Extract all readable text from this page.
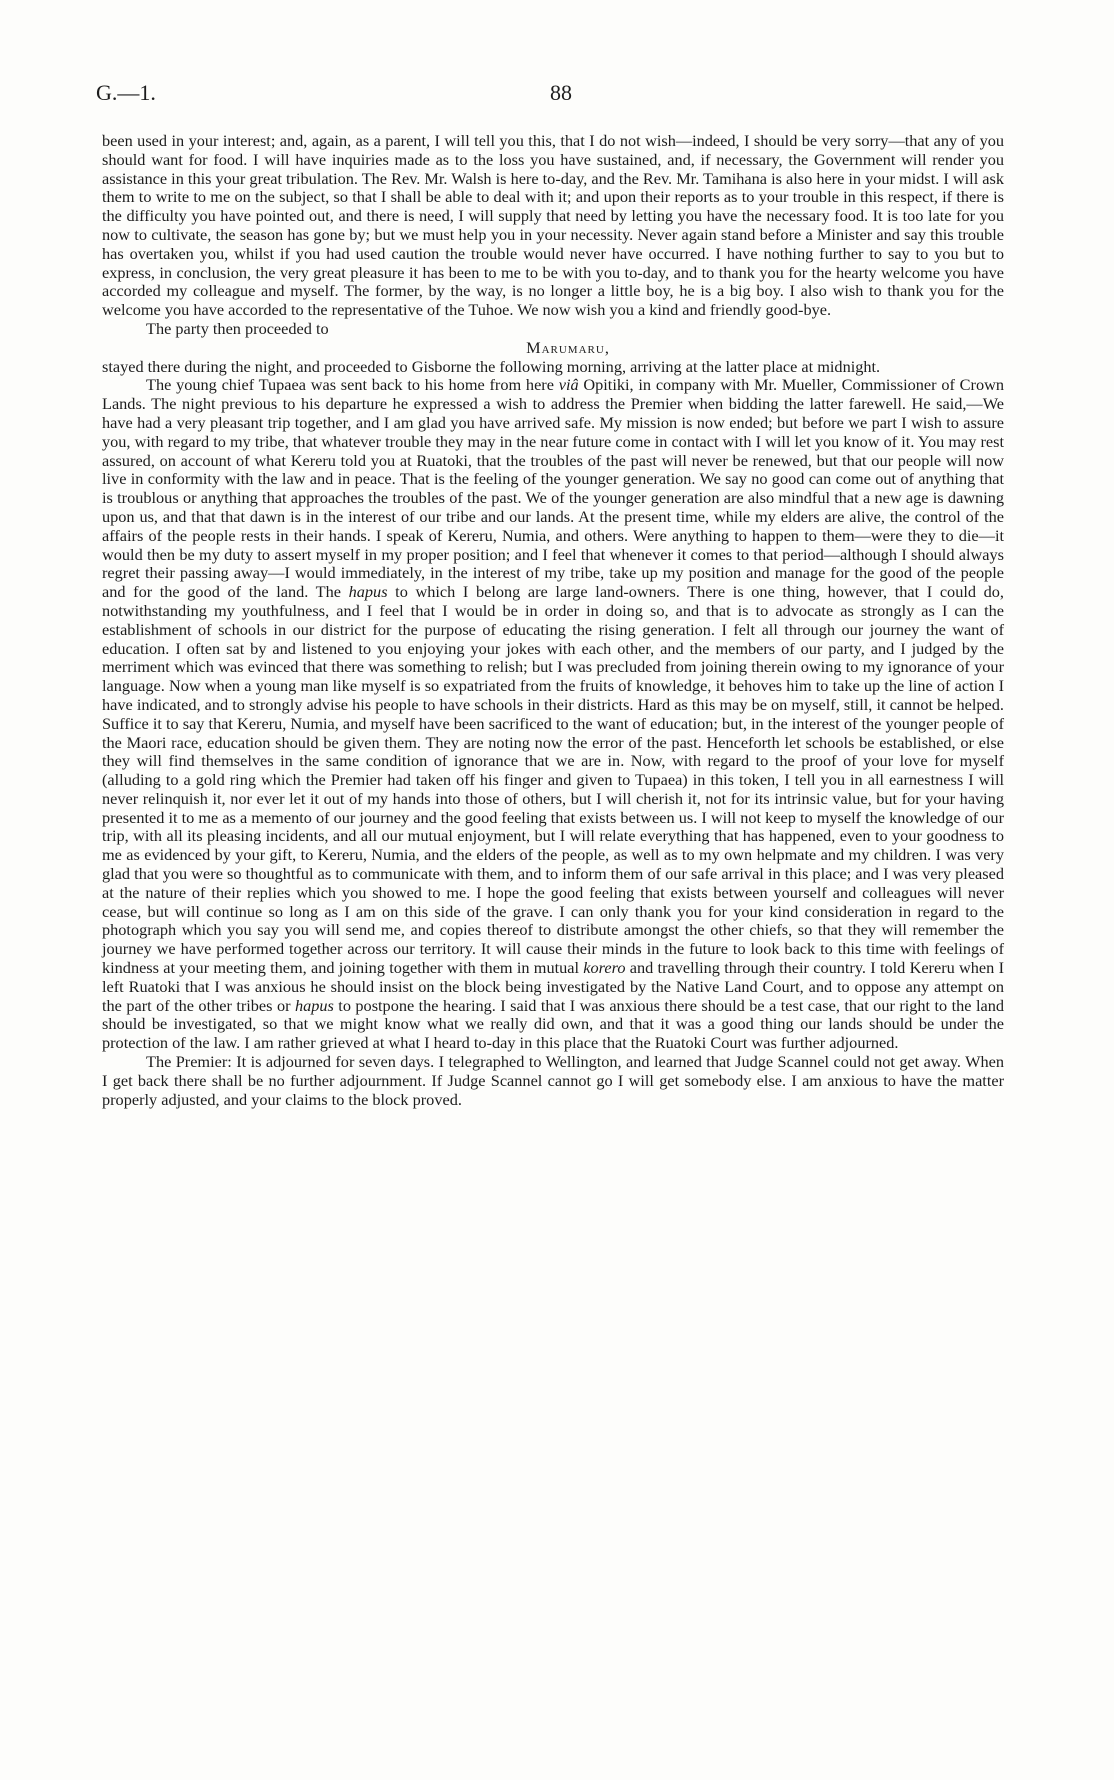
G.—1.	88

been used in your interest; and, again, as a parent, I will tell you this, that I do not wish—indeed, I should be very sorry—that any of you should want for food. I will have inquiries made as to the loss you have sustained, and, if necessary, the Government will render you assistance in this your great tribulation. The Rev. Mr. Walsh is here to-day, and the Rev. Mr. Tamihana is also here in your midst. I will ask them to write to me on the subject, so that I shall be able to deal with it; and upon their reports as to your trouble in this respect, if there is the difficulty you have pointed out, and there is need, I will supply that need by letting you have the necessary food. It is too late for you now to cultivate, the season has gone by; but we must help you in your necessity. Never again stand before a Minister and say this trouble has overtaken you, whilst if you had used caution the trouble would never have occurred. I have nothing further to say to you but to express, in conclusion, the very great pleasure it has been to me to be with you to-day, and to thank you for the hearty welcome you have accorded my colleague and myself. The former, by the way, is no longer a little boy, he is a big boy. I also wish to thank you for the welcome you have accorded to the representative of the Tuhoe. We now wish you a kind and friendly good-bye.

The party then proceeded to

Marumaru,

stayed there during the night, and proceeded to Gisborne the following morning, arriving at the latter place at midnight.

The young chief Tupaea was sent back to his home from here viâ Opitiki, in company with Mr. Mueller, Commissioner of Crown Lands. The night previous to his departure he expressed a wish to address the Premier when bidding the latter farewell. He said,—We have had a very pleasant trip together, and I am glad you have arrived safe. My mission is now ended; but before we part I wish to assure you, with regard to my tribe, that whatever trouble they may in the near future come in contact with I will let you know of it. You may rest assured, on account of what Kereru told you at Ruatoki, that the troubles of the past will never be renewed, but that our people will now live in conformity with the law and in peace. That is the feeling of the younger generation. We say no good can come out of anything that is troublous or anything that approaches the troubles of the past. We of the younger generation are also mindful that a new age is dawning upon us, and that that dawn is in the interest of our tribe and our lands. At the present time, while my elders are alive, the control of the affairs of the people rests in their hands. I speak of Kereru, Numia, and others. Were anything to happen to them—were they to die—it would then be my duty to assert myself in my proper position; and I feel that whenever it comes to that period—although I should always regret their passing away—I would immediately, in the interest of my tribe, take up my position and manage for the good of the people and for the good of the land. The hapus to which I belong are large land-owners. There is one thing, however, that I could do, notwithstanding my youthfulness, and I feel that I would be in order in doing so, and that is to advocate as strongly as I can the establishment of schools in our district for the purpose of educating the rising generation. I felt all through our journey the want of education. I often sat by and listened to you enjoying your jokes with each other, and the members of our party, and I judged by the merriment which was evinced that there was something to relish; but I was precluded from joining therein owing to my ignorance of your language. Now when a young man like myself is so expatriated from the fruits of knowledge, it behoves him to take up the line of action I have indicated, and to strongly advise his people to have schools in their districts. Hard as this may be on myself, still, it cannot be helped. Suffice it to say that Kereru, Numia, and myself have been sacrificed to the want of education; but, in the interest of the younger people of the Maori race, education should be given them. They are noting now the error of the past. Henceforth let schools be established, or else they will find themselves in the same condition of ignorance that we are in. Now, with regard to the proof of your love for myself (alluding to a gold ring which the Premier had taken off his finger and given to Tupaea) in this token, I tell you in all earnestness I will never relinquish it, nor ever let it out of my hands into those of others, but I will cherish it, not for its intrinsic value, but for your having presented it to me as a memento of our journey and the good feeling that exists between us. I will not keep to myself the knowledge of our trip, with all its pleasing incidents, and all our mutual enjoyment, but I will relate everything that has happened, even to your goodness to me as evidenced by your gift, to Kereru, Numia, and the elders of the people, as well as to my own helpmate and my children. I was very glad that you were so thoughtful as to communicate with them, and to inform them of our safe arrival in this place; and I was very pleased at the nature of their replies which you showed to me. I hope the good feeling that exists between yourself and colleagues will never cease, but will continue so long as I am on this side of the grave. I can only thank you for your kind consideration in regard to the photograph which you say you will send me, and copies thereof to distribute amongst the other chiefs, so that they will remember the journey we have performed together across our territory. It will cause their minds in the future to look back to this time with feelings of kindness at your meeting them, and joining together with them in mutual korero and travelling through their country. I told Kereru when I left Ruatoki that I was anxious he should insist on the block being investigated by the Native Land Court, and to oppose any attempt on the part of the other tribes or hapus to postpone the hearing. I said that I was anxious there should be a test case, that our right to the land should be investigated, so that we might know what we really did own, and that it was a good thing our lands should be under the protection of the law. I am rather grieved at what I heard to-day in this place that the Ruatoki Court was further adjourned.

The Premier: It is adjourned for seven days. I telegraphed to Wellington, and learned that Judge Scannel could not get away. When I get back there shall be no further adjournment. If Judge Scannel cannot go I will get somebody else. I am anxious to have the matter properly adjusted, and your claims to the block proved.
